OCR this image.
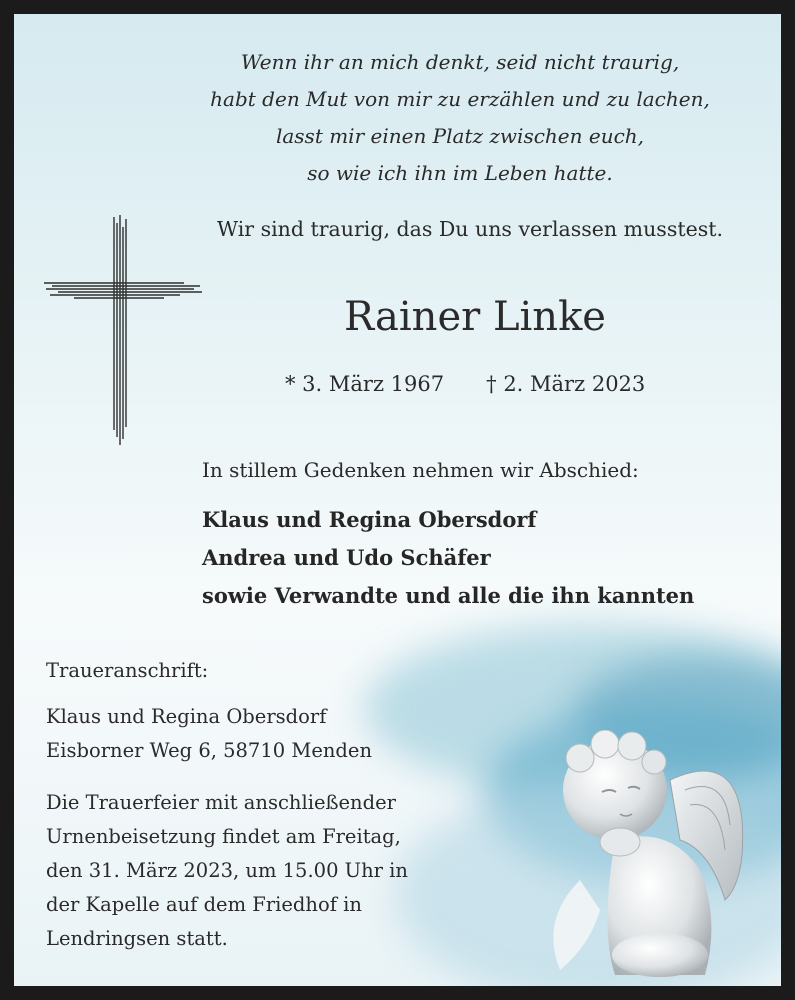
Wenn ihr an mich denkt, seid nicht traurig,
habt den Mut von mir zu erzählen und zu lachen,
lasst mir einen Platz zwischen euch,
so wie ich ihn im Leben hatte.
Wir sind traurig, das Du uns verlassen musstest.
Rainer Linke
* 3. März 1967 † 2. März 2023
In stillem Gedenken nehmen wir Abschied:
Klaus und Regina Obersdorf
Andrea und Udo Schäfer
sowie Verwandte und alle die ihn kannten
Traueranschrift:
Klaus und Regina Obersdorf
Eisborner Weg 6, 58710 Menden
Die Trauerfeier mit anschließender
Urnenbeisetzung findet am Freitag,
den 31. März 2023, um 15.00 Uhr in
der Kapelle auf dem Friedhof in
Lendringsen statt.
